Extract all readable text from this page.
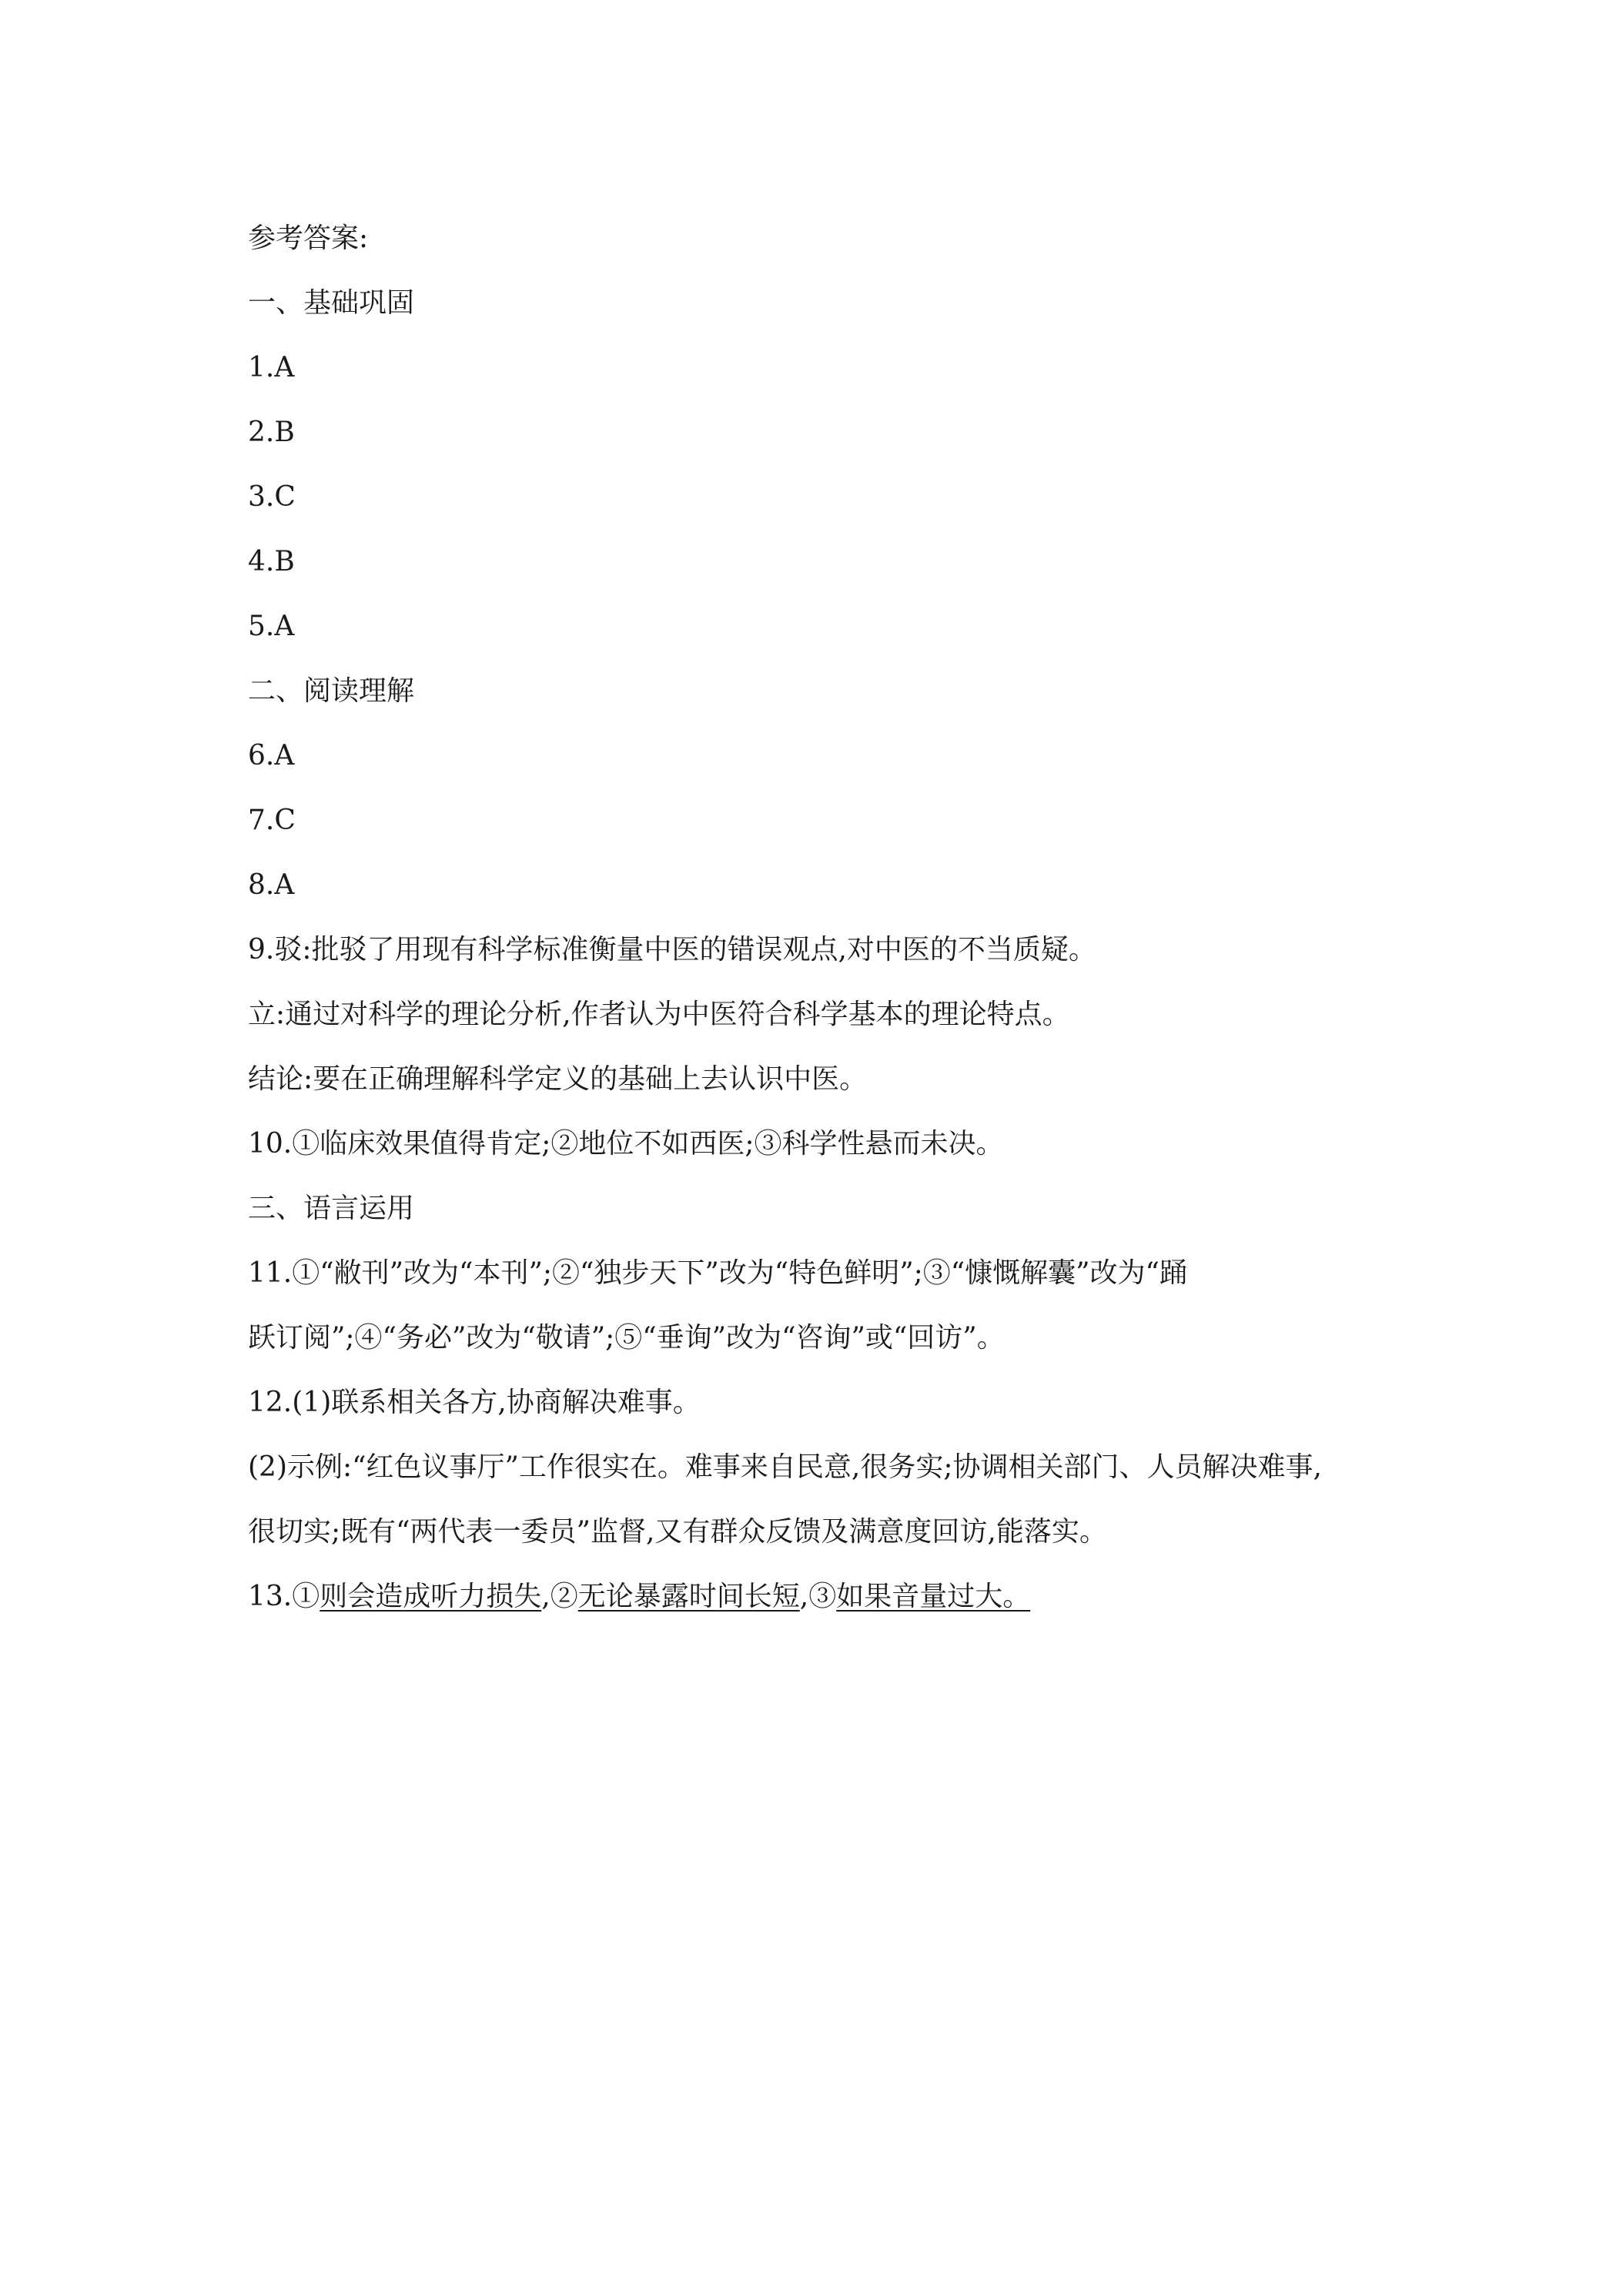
参考答案:

一、基础巩固

1.A

2.B

3.C

4.B

5.A

二、阅读理解

6.A

7.C

8.A

9.驳:批驳了用现有科学标准衡量中医的错误观点,对中医的不当质疑。

立:通过对科学的理论分析,作者认为中医符合科学基本的理论特点。

结论:要在正确理解科学定义的基础上去认识中医。

10.①临床效果值得肯定;②地位不如西医;③科学性悬而未决。

三、语言运用

11.①“敝刊”改为“本刊”;②“独步天下”改为“特色鲜明”;③“慷慨解囊”改为“踊

跃订阅”;④“务必”改为“敬请”;⑤“垂询”改为“咨询”或“回访”。

12.(1)联系相关各方,协商解决难事。

(2)示例:“红色议事厅”工作很实在。难事来自民意,很务实;协调相关部门、人员解决难事,

很切实;既有“两代表一委员”监督,又有群众反馈及满意度回访,能落实。

13.①则会造成听力损失,②无论暴露时间长短,③如果音量过大。
